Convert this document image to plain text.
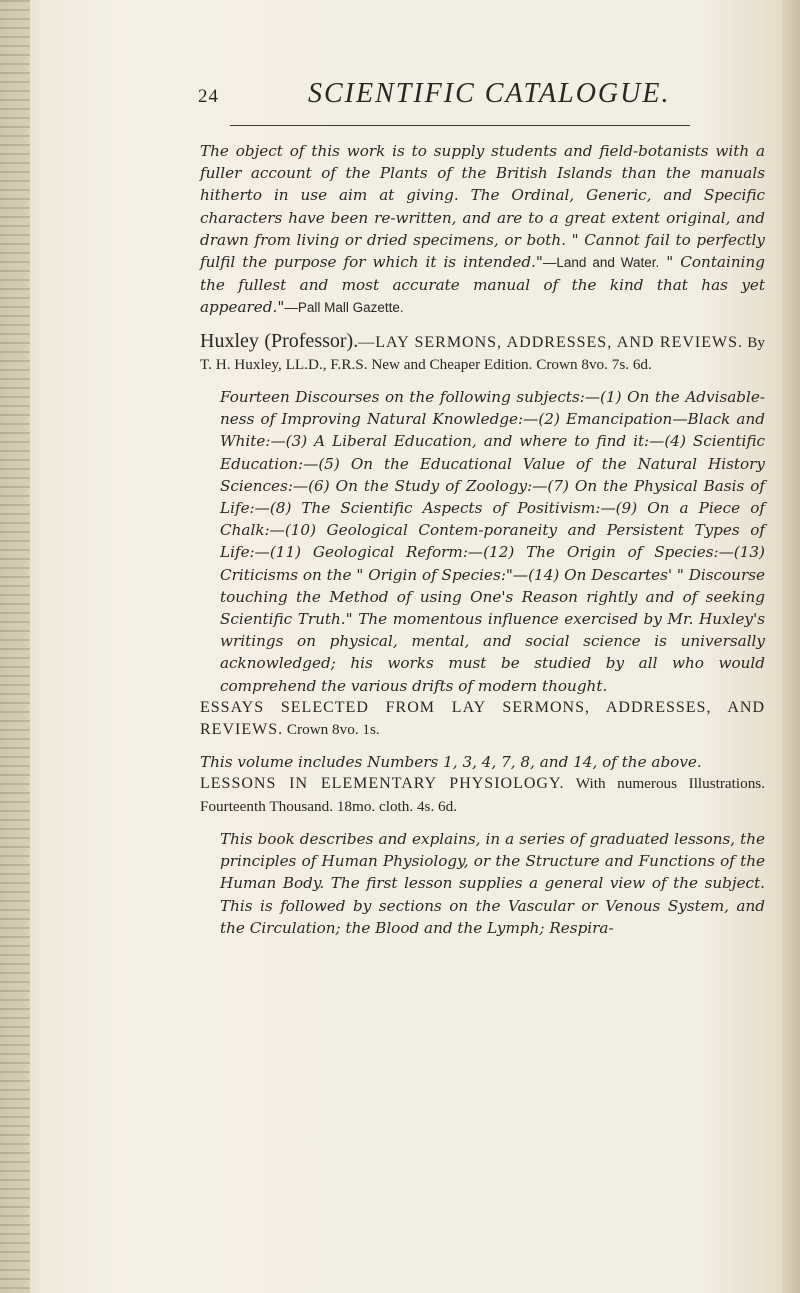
24	SCIENTIFIC CATALOGUE.

The object of this work is to supply students and field-botanists with a fuller account of the Plants of the British Islands than the manuals hitherto in use aim at giving. The Ordinal, Generic, and Specific characters have been re-written, and are to a great extent original, and drawn from living or dried specimens, or both. " Cannot fail to perfectly fulfil the purpose for which it is intended."—Land and Water. " Containing the fullest and most accurate manual of the kind that has yet appeared."—Pall Mall Gazette.

Huxley (Professor).—LAY SERMONS, ADDRESSES, AND REVIEWS. By T. H. Huxley, LL.D., F.R.S. New and Cheaper Edition. Crown 8vo. 7s. 6d.

Fourteen Discourses on the following subjects:—(1) On the Advisable-ness of Improving Natural Knowledge:—(2) Emancipation—Black and White:—(3) A Liberal Education, and where to find it:—(4) Scientific Education:—(5) On the Educational Value of the Natural History Sciences:—(6) On the Study of Zoology:—(7) On the Physical Basis of Life:—(8) The Scientific Aspects of Positivism:—(9) On a Piece of Chalk:—(10) Geological Contem-poraneity and Persistent Types of Life:—(11) Geological Reform:—(12) The Origin of Species:—(13) Criticisms on the " Origin of Species:"—(14) On Descartes' " Discourse touching the Method of using One's Reason rightly and of seeking Scientific Truth." The momentous influence exercised by Mr. Huxley's writings on physical, mental, and social science is universally acknowledged; his works must be studied by all who would comprehend the various drifts of modern thought.

ESSAYS SELECTED FROM LAY SERMONS, ADDRESSES, AND REVIEWS. Crown 8vo. 1s.

This volume includes Numbers 1, 3, 4, 7, 8, and 14, of the above.

LESSONS IN ELEMENTARY PHYSIOLOGY. With numerous Illustrations. Fourteenth Thousand. 18mo. cloth. 4s. 6d.

This book describes and explains, in a series of graduated lessons, the principles of Human Physiology, or the Structure and Functions of the Human Body. The first lesson supplies a general view of the subject. This is followed by sections on the Vascular or Venous System, and the Circulation; the Blood and the Lymph; Respira-
